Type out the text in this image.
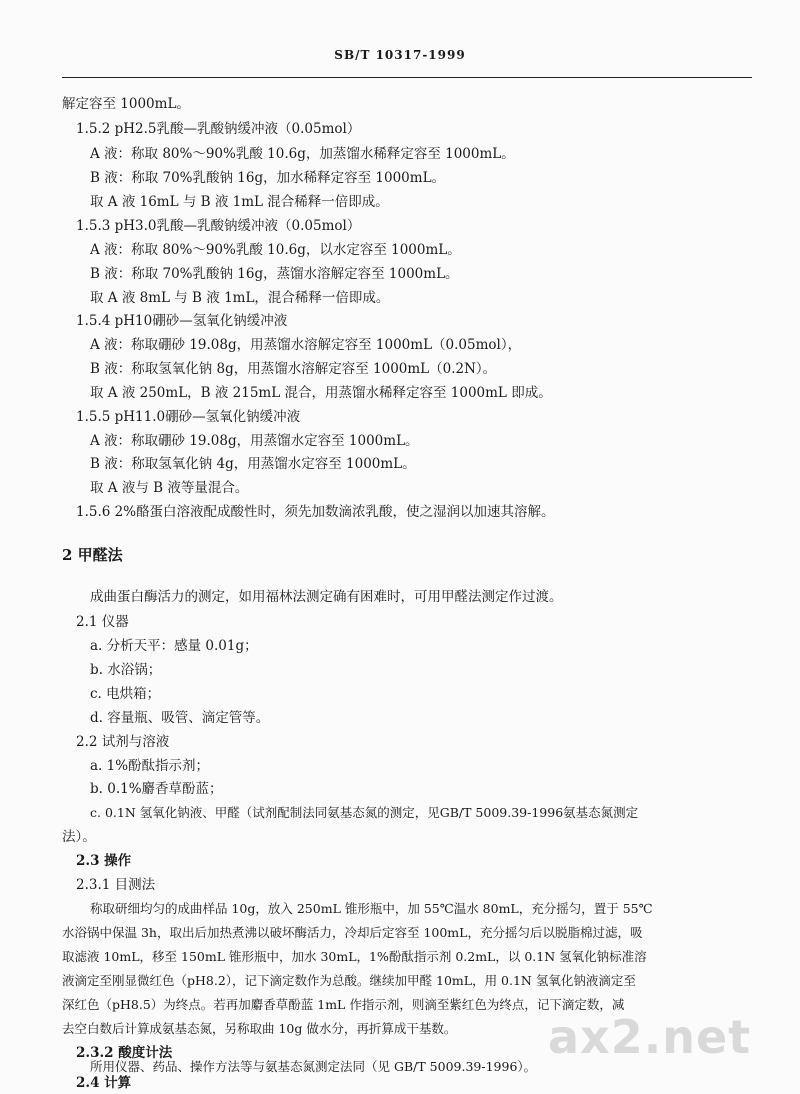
SB/T 10317-1999
解定容至 1000mL。
1.5.2 pH2.5乳酸—乳酸钠缓冲液（0.05mol）
A 液：称取 80%～90%乳酸 10.6g，加蒸馏水稀释定容至 1000mL。
B 液：称取 70%乳酸钠 16g，加水稀释定容至 1000mL。
取 A 液 16mL 与 B 液 1mL 混合稀释一倍即成。
1.5.3 pH3.0乳酸—乳酸钠缓冲液（0.05mol）
A 液：称取 80%～90%乳酸 10.6g，以水定容至 1000mL。
B 液：称取 70%乳酸钠 16g，蒸馏水溶解定容至 1000mL。
取 A 液 8mL 与 B 液 1mL，混合稀释一倍即成。
1.5.4 pH10硼砂—氢氧化钠缓冲液
A 液：称取硼砂 19.08g，用蒸馏水溶解定容至 1000mL（0.05mol），
B 液：称取氢氧化钠 8g，用蒸馏水溶解定容至 1000mL（0.2N）。
取 A 液 250mL，B 液 215mL 混合，用蒸馏水稀释定容至 1000mL 即成。
1.5.5 pH11.0硼砂—氢氧化钠缓冲液
A 液：称取硼砂 19.08g，用蒸馏水定容至 1000mL。
B 液：称取氢氧化钠 4g，用蒸馏水定容至 1000mL。
取 A 液与 B 液等量混合。
1.5.6 2%酪蛋白溶液配成酸性时，须先加数滴浓乳酸，使之湿润以加速其溶解。
2 甲醛法
成曲蛋白酶活力的测定，如用福林法测定确有困难时，可用甲醛法测定作过渡。
2.1 仪器
a. 分析天平：感量 0.01g；
b. 水浴锅；
c. 电烘箱；
d. 容量瓶、吸管、滴定管等。
2.2 试剂与溶液
a. 1%酚酞指示剂；
b. 0.1%麝香草酚蓝；
c. 0.1N 氢氧化钠液、甲醛（试剂配制法同氨基态氮的测定，见GB/T 5009.39-1996氨基态氮测定
法）。
2.3 操作
2.3.1 目测法
称取研细均匀的成曲样品 10g，放入 250mL 锥形瓶中，加 55℃温水 80mL，充分摇匀，置于 55℃
水浴锅中保温 3h，取出后加热煮沸以破坏酶活力，冷却后定容至 100mL，充分摇匀后以脱脂棉过滤，吸
取滤液 10mL，移至 150mL 锥形瓶中，加水 30mL，1%酚酞指示剂 0.2mL，以 0.1N 氢氧化钠标准溶
液滴定至刚显微红色（pH8.2），记下滴定数作为总酸。继续加甲醛 10mL，用 0.1N 氢氧化钠液滴定至
深红色（pH8.5）为终点。若再加麝香草酚蓝 1mL 作指示剂，则滴至紫红色为终点，记下滴定数，减
去空白数后计算成氨基态氮，另称取曲 10g 做水分，再折算成干基数。
2.3.2 酸度计法
所用仪器、药品、操作方法等与氨基态氮测定法同（见 GB/T 5009.39-1996）。
2.4 计算
ax2.net
